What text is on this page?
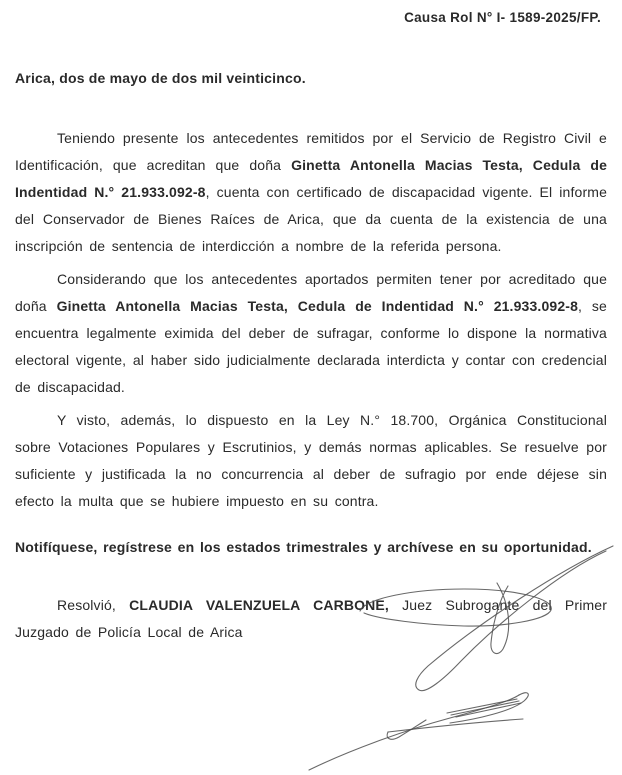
Causa Rol N° I- 1589-2025/FP.
Arica, dos de mayo de dos mil veinticinco.

Teniendo presente los antecedentes remitidos por el Servicio de Registro Civil e Identificación, que acreditan que doña Ginetta Antonella Macias Testa, Cedula de Indentidad N.° 21.933.092-8, cuenta con certificado de discapacidad vigente. El informe del Conservador de Bienes Raíces de Arica, que da cuenta de la existencia de una inscripción de sentencia de interdicción a nombre de la referida persona.

Considerando que los antecedentes aportados permiten tener por acreditado que doña Ginetta Antonella Macias Testa, Cedula de Indentidad N.° 21.933.092-8, se encuentra legalmente eximida del deber de sufragar, conforme lo dispone la normativa electoral vigente, al haber sido judicialmente declarada interdicta y contar con credencial de discapacidad.

Y visto, además, lo dispuesto en la Ley N.° 18.700, Orgánica Constitucional sobre Votaciones Populares y Escrutinios, y demás normas aplicables. Se resuelve por suficiente y justificada la no concurrencia al deber de sufragio por ende déjese sin efecto la multa que se hubiere impuesto en su contra.

Notifíquese, regístrese en los estados trimestrales y archívese en su oportunidad.

Resolvió, CLAUDIA VALENZUELA CARBONE, Juez Subrogante del Primer Juzgado de Policía Local de Arica
